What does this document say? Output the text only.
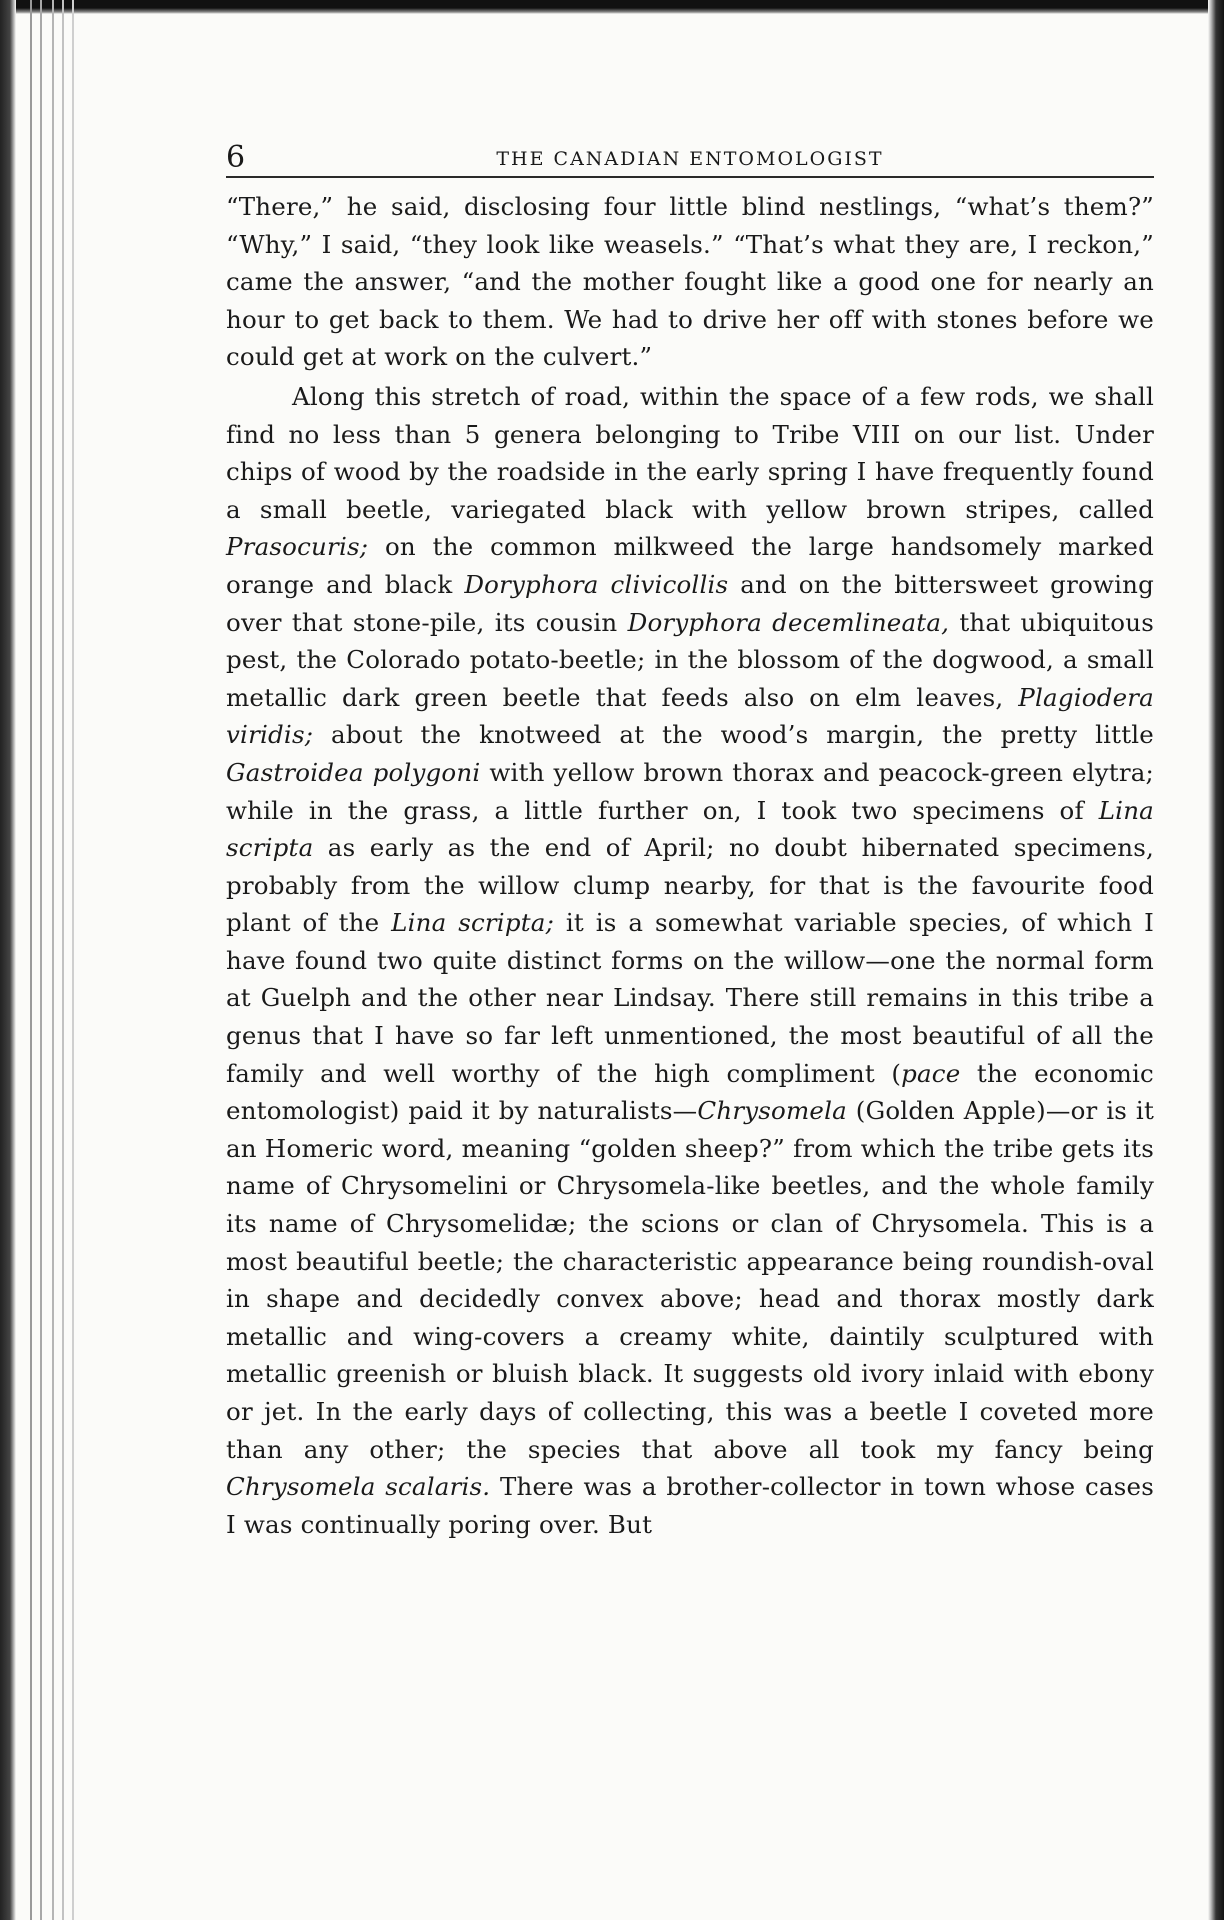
6	THE CANADIAN ENTOMOLOGIST

“There,” he said, disclosing four little blind nestlings, “what’s them?” “Why,” I said, “they look like weasels.” “That’s what they are, I reckon,” came the answer, “and the mother fought like a good one for nearly an hour to get back to them. We had to drive her off with stones before we could get at work on the culvert.”

Along this stretch of road, within the space of a few rods, we shall find no less than 5 genera belonging to Tribe VIII on our list. Under chips of wood by the roadside in the early spring I have frequently found a small beetle, variegated black with yellow brown stripes, called Prasocuris; on the common milkweed the large handsomely marked orange and black Doryphora clivicollis and on the bittersweet growing over that stone-pile, its cousin Doryphora decemlineata, that ubiquitous pest, the Colorado potato-beetle; in the blossom of the dogwood, a small metallic dark green beetle that feeds also on elm leaves, Plagiodera viridis; about the knotweed at the wood’s margin, the pretty little Gastroidea polygoni with yellow brown thorax and peacock-green elytra; while in the grass, a little further on, I took two specimens of Lina scripta as early as the end of April; no doubt hibernated specimens, probably from the willow clump nearby, for that is the favourite food plant of the Lina scripta; it is a somewhat variable species, of which I have found two quite distinct forms on the willow—one the normal form at Guelph and the other near Lindsay. There still remains in this tribe a genus that I have so far left unmentioned, the most beautiful of all the family and well worthy of the high compliment (pace the economic entomologist) paid it by naturalists—Chrysomela (Golden Apple)—or is it an Homeric word, meaning “golden sheep?” from which the tribe gets its name of Chrysomelini or Chrysomela-like beetles, and the whole family its name of Chrysomelidæ; the scions or clan of Chrysomela. This is a most beautiful beetle; the characteristic appearance being roundish-oval in shape and decidedly convex above; head and thorax mostly dark metallic and wing-covers a creamy white, daintily sculptured with metallic greenish or bluish black. It suggests old ivory inlaid with ebony or jet. In the early days of collecting, this was a beetle I coveted more than any other; the species that above all took my fancy being Chrysomela scalaris. There was a brother-collector in town whose cases I was continually poring over. But
